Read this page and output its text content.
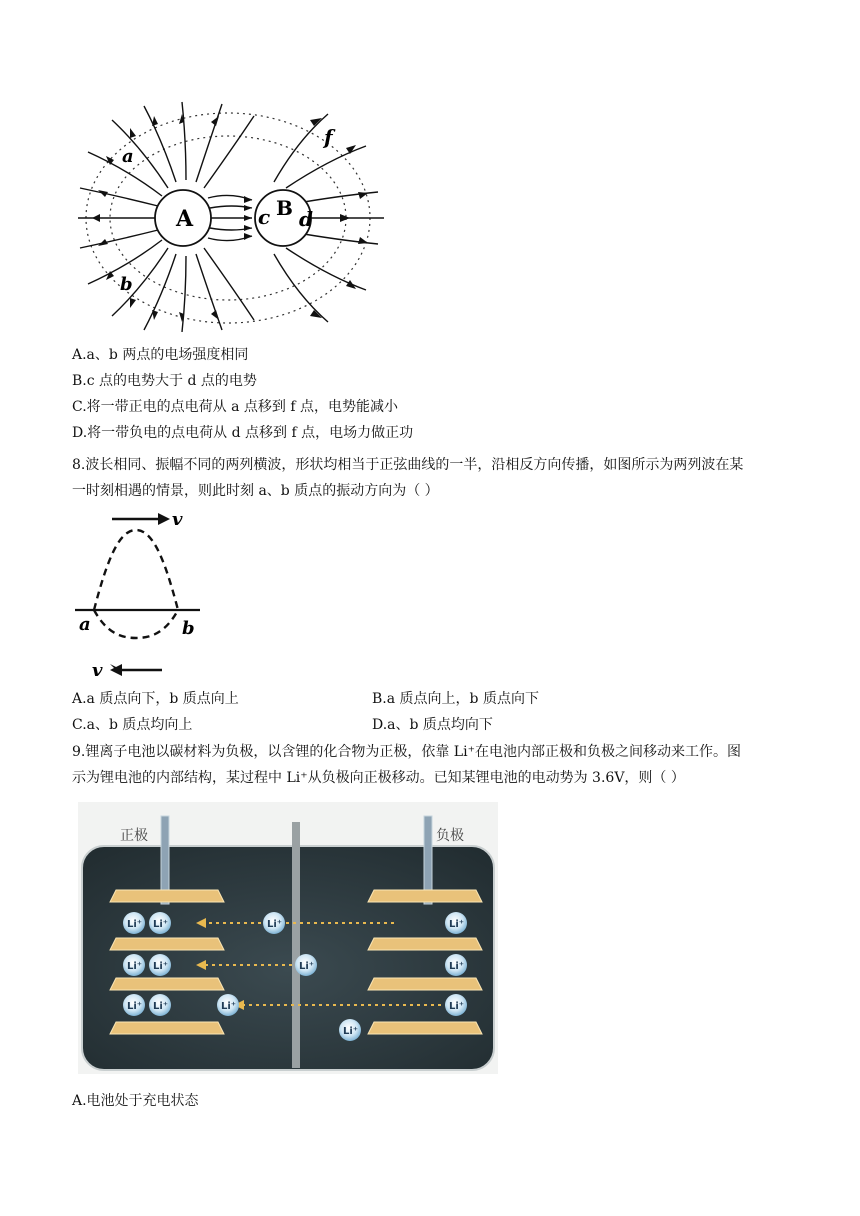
A	B
c d
a
b
f
A.a、b 两点的电场强度相同
B.c 点的电势大于 d 点的电势
C.将一带正电的点电荷从 a 点移到 f 点，电势能减小
D.将一带负电的点电荷从 d 点移到 f 点，电场力做正功
8.波长相同、振幅不同的两列横波，形状均相当于正弦曲线的一半，沿相反方向传播，如图所示为两列波在某
一时刻相遇的情景，则此时刻 a、b 质点的振动方向为（ ）
v
a	b
v
A.a 质点向下，b 质点向上	B.a 质点向上，b 质点向下
C.a、b 质点均向上	D.a、b 质点均向下
9.锂离子电池以碳材料为负极，以含锂的化合物为正极，依靠 Li⁺在电池内部正极和负极之间移动来工作。图
示为锂电池的内部结构，某过程中 Li⁺从负极向正极移动。已知某锂电池的电动势为 3.6V，则（ ）
正极	负极
Li⁺ Li⁺
Li⁺ Li⁺
Li⁺ Li⁺	Li⁺
Li⁺
Li⁺
Li⁺
Li⁺
Li⁺
Li⁺
A.电池处于充电状态
